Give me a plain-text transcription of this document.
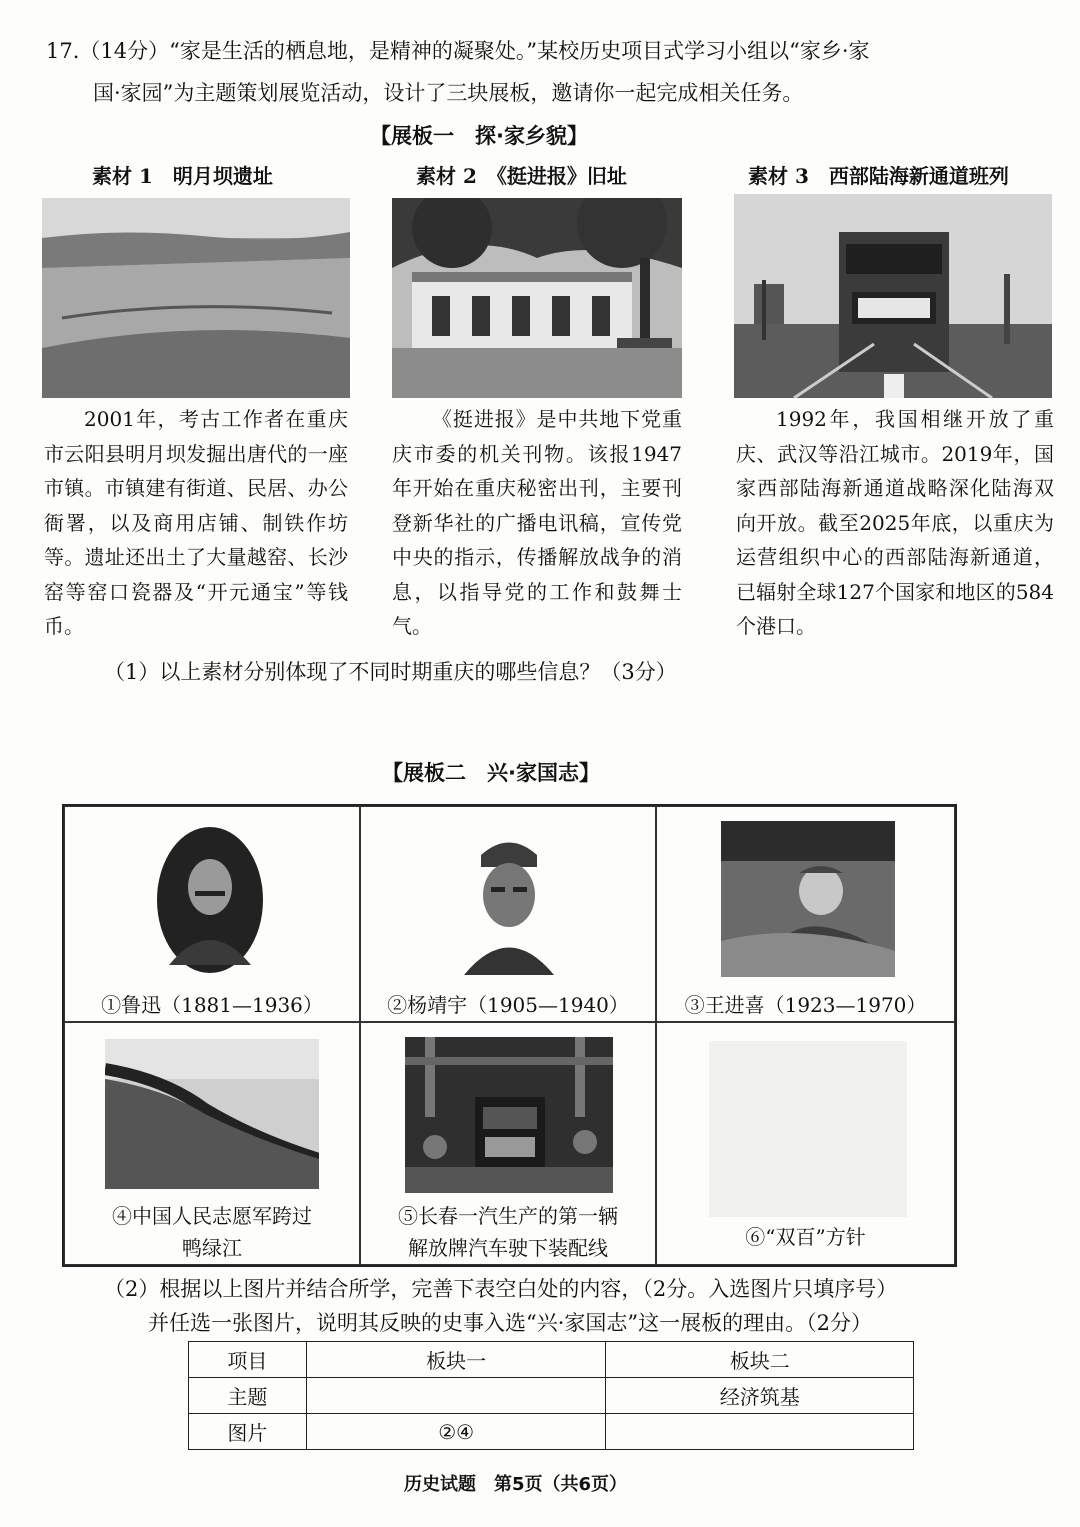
17.（14分）“家是生活的栖息地，是精神的凝聚处。”某校历史项目式学习小组以“家乡·家
国·家园”为主题策划展览活动，设计了三块展板，邀请你一起完成相关任务。
【展板一　探·家乡貌】
素材 1　明月坝遗址	素材 2　《挺进报》旧址	素材 3　西部陆海新通道班列

2001年，考古工作者在重庆市云阳县明月坝发掘出唐代的一座市镇。市镇建有街道、民居、办公衙署，以及商用店铺、制铁作坊等。遗址还出土了大量越窑、长沙窑等窑口瓷器及“开元通宝”等钱币。

《挺进报》是中共地下党重庆市委的机关刊物。该报1947年开始在重庆秘密出刊，主要刊登新华社的广播电讯稿，宣传党中央的指示，传播解放战争的消息，以指导党的工作和鼓舞士气。

1992年，我国相继开放了重庆、武汉等沿江城市。2019年，国家西部陆海新通道战略深化陆海双向开放。截至2025年底，以重庆为运营组织中心的西部陆海新通道，已辐射全球127个国家和地区的584个港口。

（1）以上素材分别体现了不同时期重庆的哪些信息？（3分）
【展板二　兴·家国志】
①鲁迅（1881—1936）	②杨靖宇（1905—1940）	③王进喜（1923—1970）
④中国人民志愿军跨过
鸭绿江
⑤长春一汽生产的第一辆
解放牌汽车驶下装配线	⑥“双百”方针
（2）根据以上图片并结合所学，完善下表空白处的内容，（2分。入选图片只填序号）
并任选一张图片，说明其反映的史事入选“兴·家国志”这一展板的理由。（2分）
项目	板块一	板块二
主题		经济筑基
图片	②④	
历史试题　第5页（共6页）
